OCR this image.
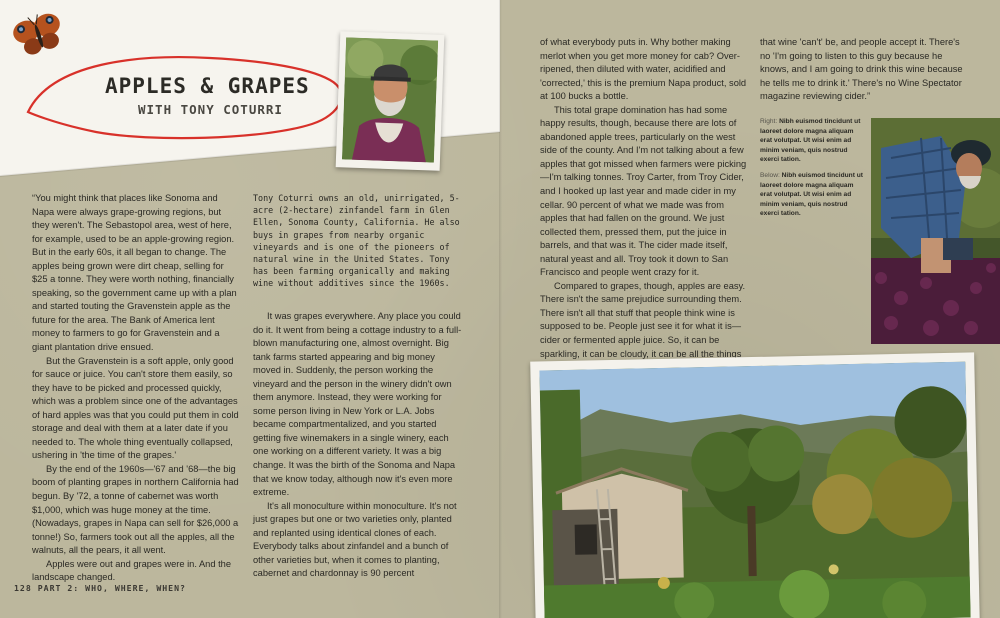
APPLES & GRAPES
WITH TONY COTURRI

“You might think that places like Sonoma and Napa were always grape-growing regions, but they weren't. The Sebastopol area, west of here, for example, used to be an apple-growing region. But in the early 60s, it all began to change. The apples being grown were dirt cheap, selling for $25 a tonne. They were worth nothing, financially speaking, so the government came up with a plan and started touting the Gravenstein apple as the future for the area. The Bank of America lent money to farmers to go for Gravenstein and a giant plantation drive ensued.

But the Gravenstein is a soft apple, only good for sauce or juice. You can't store them easily, so they have to be picked and processed quickly, which was a problem since one of the advantages of hard apples was that you could put them in cold storage and deal with them at a later date if you needed to. The whole thing eventually collapsed, ushering in 'the time of the grapes.'

By the end of the 1960s—'67 and '68—the big boom of planting grapes in northern California had begun. By '72, a tonne of cabernet was worth $1,000, which was huge money at the time. (Nowadays, grapes in Napa can sell for $26,000 a tonne!) So, farmers took out all the apples, all the walnuts, all the pears, it all went.

Apples were out and grapes were in. And the landscape changed.

Tony Coturri owns an old, unirrigated, 5-acre (2-hectare) zinfandel farm in Glen Ellen, Sonoma County, California. He also buys in grapes from nearby organic vineyards and is one of the pioneers of natural wine in the United States. Tony has been farming organically and making wine without additives since the 1960s.

It was grapes everywhere. Any place you could do it. It went from being a cottage industry to a full-blown manufacturing one, almost overnight. Big tank farms started appearing and big money moved in. Suddenly, the person working the vineyard and the person in the winery didn't own them anymore. Instead, they were working for some person living in New York or L.A. Jobs became compartmentalized, and you started getting five winemakers in a single winery, each one working on a different variety. It was a big change. It was the birth of the Sonoma and Napa that we know today, although now it's even more extreme.

It's all monoculture within monoculture. It's not just grapes but one or two varieties only, planted and replanted using identical clones of each. Everybody talks about zinfandel and a bunch of other varieties but, when it comes to planting, cabernet and chardonnay is 90 percent

of what everybody puts in. Why bother making merlot when you get more money for cab? Over-ripened, then diluted with water, acidified and 'corrected,' this is the premium Napa product, sold at 100 bucks a bottle.

This total grape domination has had some happy results, though, because there are lots of abandoned apple trees, particularly on the west side of the county. And I'm not talking about a few apples that got missed when farmers were picking—I'm talking tonnes. Troy Carter, from Troy Cider, and I hooked up last year and made cider in my cellar. 90 percent of what we made was from apples that had fallen on the ground. We just collected them, pressed them, put the juice in barrels, and that was it. The cider made itself, natural yeast and all. Troy took it down to San Francisco and people went crazy for it.

Compared to grapes, though, apples are easy. There isn't the same prejudice surrounding them. There isn't all that stuff that people think wine is supposed to be. People just see it for what it is—cider or fermented apple juice. So, it can be sparkling, it can be cloudy, it can be all the things

that wine 'can't' be, and people accept it. There's no 'I'm going to listen to this guy because he knows, and I am going to drink this wine because he tells me to drink it.' There's no Wine Spectator magazine reviewing cider.”

Right: Nibh euismod tincidunt ut laoreet dolore magna aliquam erat volutpat. Ut wisi enim ad minim veniam, quis nostrud exerci tation.

Below: Nibh euismod tincidunt ut laoreet dolore magna aliquam erat volutpat. Ut wisi enim ad minim veniam, quis nostrud exerci tation.

128 PART 2: WHO, WHERE, WHEN?
